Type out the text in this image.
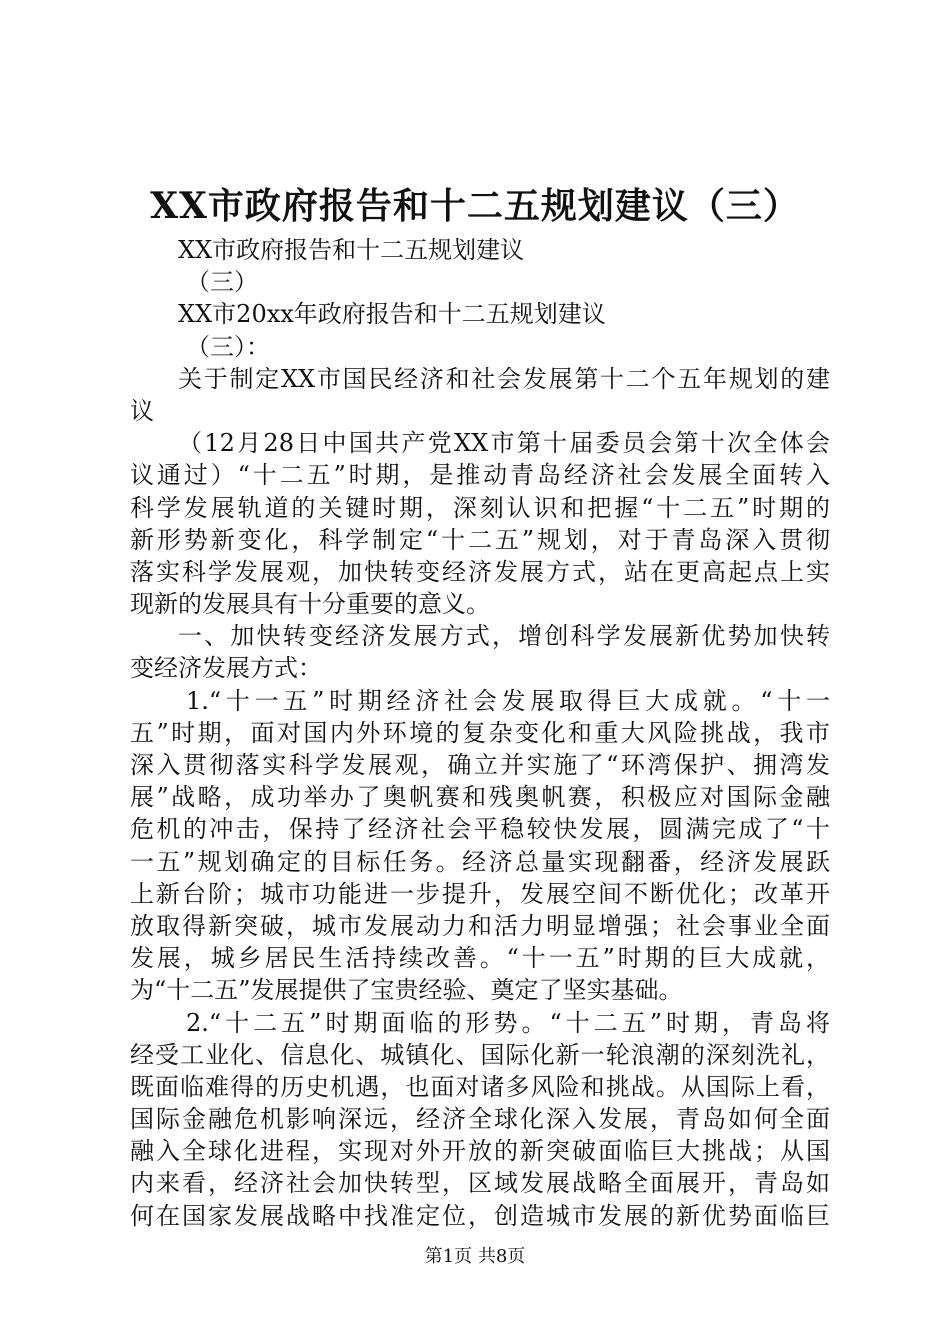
XX市政府报告和十二五规划建议（三）
XX市政府报告和十二五规划建议
（三）
XX市20xx年政府报告和十二五规划建议
（三）：
关于制定XX市国民经济和社会发展第十二个五年规划的建
议
（12月28日中国共产党XX市第十届委员会第十次全体会
议通过）“十二五”时期，是推动青岛经济社会发展全面转入
科学发展轨道的关键时期，深刻认识和把握“十二五”时期的
新形势新变化，科学制定“十二五”规划，对于青岛深入贯彻
落实科学发展观，加快转变经济发展方式，站在更高起点上实
现新的发展具有十分重要的意义。
一、加快转变经济发展方式，增创科学发展新优势加快转
变经济发展方式：
1.“十一五”时期经济社会发展取得巨大成就。“十一
五”时期，面对国内外环境的复杂变化和重大风险挑战，我市
深入贯彻落实科学发展观，确立并实施了“环湾保护、拥湾发
展”战略，成功举办了奥帆赛和残奥帆赛，积极应对国际金融
危机的冲击，保持了经济社会平稳较快发展，圆满完成了“十
一五”规划确定的目标任务。经济总量实现翻番，经济发展跃
上新台阶；城市功能进一步提升，发展空间不断优化；改革开
放取得新突破，城市发展动力和活力明显增强；社会事业全面
发展，城乡居民生活持续改善。“十一五”时期的巨大成就，
为“十二五”发展提供了宝贵经验、奠定了坚实基础。
2.“十二五”时期面临的形势。“十二五”时期，青岛将
经受工业化、信息化、城镇化、国际化新一轮浪潮的深刻洗礼，
既面临难得的历史机遇，也面对诸多风险和挑战。从国际上看，
国际金融危机影响深远，经济全球化深入发展，青岛如何全面
融入全球化进程，实现对外开放的新突破面临巨大挑战；从国
内来看，经济社会加快转型，区域发展战略全面展开，青岛如
何在国家发展战略中找准定位，创造城市发展的新优势面临巨
第1页 共8页
